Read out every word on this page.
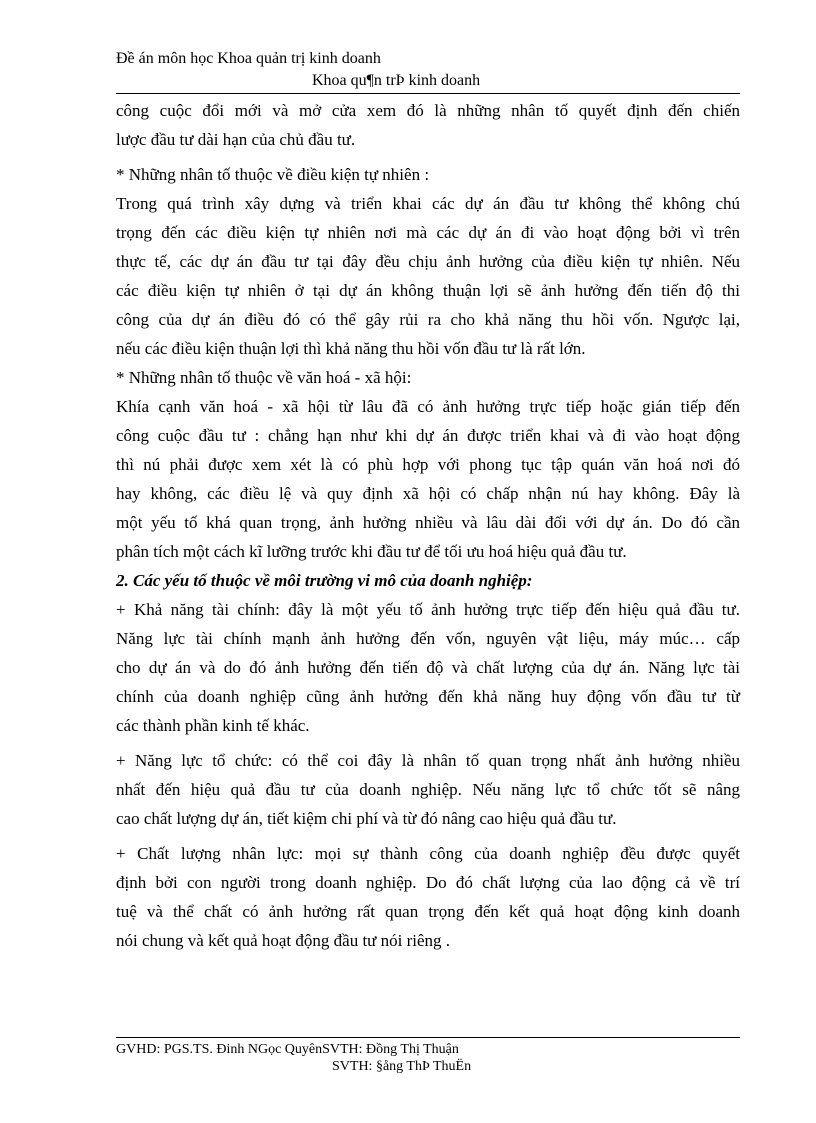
Đề án môn học Khoa quản trị kinh doanh
Khoa qu¶n trÞ kinh doanh

công cuộc đổi mới và mở cửa xem đó là những nhân tố quyết định đến chiến

lược đầu tư dài hạn của chủ đầu tư.

* Những nhân tố thuộc về điều kiện tự nhiên :

Trong quá trình xây dựng và triển khai các dự án đầu tư không thể không chú

trọng đến các điều kiện tự nhiên nơi mà các dự án đi vào hoạt động bởi vì trên

thực tế, các dự án đầu tư tại đây đều chịu ảnh hưởng của điều kiện tự nhiên. Nếu

các điều kiện tự nhiên ở tại dự án không thuận lợi sẽ ảnh hưởng đến tiến độ thi

công của dự án điều đó có thể gây rủi ra cho khả năng thu hồi vốn. Ngược lại,

nếu các điều kiện thuận lợi thì khả năng thu hồi vốn đầu tư là rất lớn.

* Những nhân tố thuộc về văn hoá - xã hội:

Khía cạnh văn hoá - xã hội từ lâu đã có ảnh hưởng trực tiếp hoặc gián tiếp đến

công cuộc đầu tư : chẳng hạn như khi dự án được triển khai và đi vào hoạt động

thì nú phải được xem xét là có phù hợp với phong tục tập quán văn hoá nơi đó

hay không, các điều lệ và quy định xã hội có chấp nhận nú hay không. Đây là

một yếu tố khá quan trọng, ảnh hưởng nhiều và lâu dài đối với dự án. Do đó cần

phân tích một cách kĩ lưỡng trước khi đầu tư để tối ưu hoá hiệu quả đầu tư.

2. Các yếu tố thuộc về môi trường vi mô của doanh nghiệp:

+ Khả năng tài chính: đây là một yếu tố ảnh hưởng trực tiếp đến hiệu quả đầu tư.

Năng lực tài chính mạnh ảnh hưởng đến vốn, nguyên vật liệu, máy múc… cấp

cho dự án và do đó ảnh hưởng đến tiến độ và chất lượng của dự án. Năng lực tài

chính của doanh nghiệp cũng ảnh hưởng đến khả năng huy động vốn đầu tư từ

các thành phần kinh tế khác.

+ Năng lực tổ chức: có thể coi đây là nhân tố quan trọng nhất ảnh hưởng nhiều

nhất đến hiệu quả đầu tư của doanh nghiệp. Nếu năng lực tổ chức tốt sẽ nâng

cao chất lượng dự án, tiết kiệm chi phí và từ đó nâng cao hiệu quả đầu tư.

+ Chất lượng nhân lực: mọi sự thành công của doanh nghiệp đều được quyết

định bởi con người trong doanh nghiệp. Do đó chất lượng của lao động cả về trí

tuệ và thể chất có ảnh hưởng rất quan trọng đến kết quả hoạt động kinh doanh

nói chung và kết quả hoạt động đầu tư nói riêng .

GVHD: PGS.TS. Đinh NGọc QuyênSVTH: Đồng Thị Thuận
SVTH: §ång ThÞ ThuËn
